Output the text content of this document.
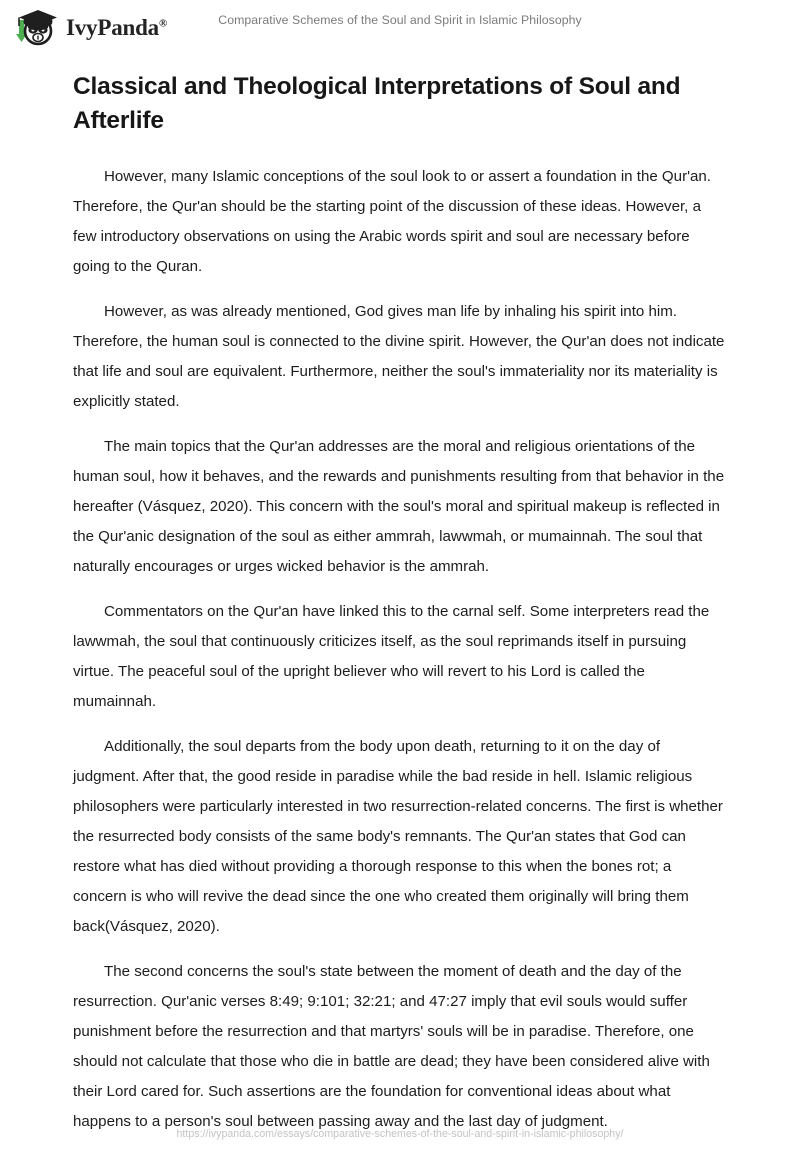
IvyPanda®	Comparative Schemes of the Soul and Spirit in Islamic Philosophy
Classical and Theological Interpretations of Soul and Afterlife

However, many Islamic conceptions of the soul look to or assert a foundation in the Qur'an. Therefore, the Qur'an should be the starting point of the discussion of these ideas. However, a few introductory observations on using the Arabic words spirit and soul are necessary before going to the Quran.

However, as was already mentioned, God gives man life by inhaling his spirit into him. Therefore, the human soul is connected to the divine spirit. However, the Qur'an does not indicate that life and soul are equivalent. Furthermore, neither the soul's immateriality nor its materiality is explicitly stated.

The main topics that the Qur'an addresses are the moral and religious orientations of the human soul, how it behaves, and the rewards and punishments resulting from that behavior in the hereafter (Vásquez, 2020). This concern with the soul's moral and spiritual makeup is reflected in the Qur'anic designation of the soul as either ammrah, lawwmah, or mumainnah. The soul that naturally encourages or urges wicked behavior is the ammrah.

Commentators on the Qur'an have linked this to the carnal self. Some interpreters read the lawwmah, the soul that continuously criticizes itself, as the soul reprimands itself in pursuing virtue. The peaceful soul of the upright believer who will revert to his Lord is called the mumainnah.

Additionally, the soul departs from the body upon death, returning to it on the day of judgment. After that, the good reside in paradise while the bad reside in hell. Islamic religious philosophers were particularly interested in two resurrection-related concerns. The first is whether the resurrected body consists of the same body's remnants. The Qur'an states that God can restore what has died without providing a thorough response to this when the bones rot; a concern is who will revive the dead since the one who created them originally will bring them back(Vásquez, 2020).

The second concerns the soul's state between the moment of death and the day of the resurrection. Qur'anic verses 8:49; 9:101; 32:21; and 47:27 imply that evil souls would suffer punishment before the resurrection and that martyrs' souls will be in paradise. Therefore, one should not calculate that those who die in battle are dead; they have been considered alive with their Lord cared for. Such assertions are the foundation for conventional ideas about what happens to a person's soul between passing away and the last day of judgment.

https://ivypanda.com/essays/comparative-schemes-of-the-soul-and-spirit-in-islamic-philosophy/
